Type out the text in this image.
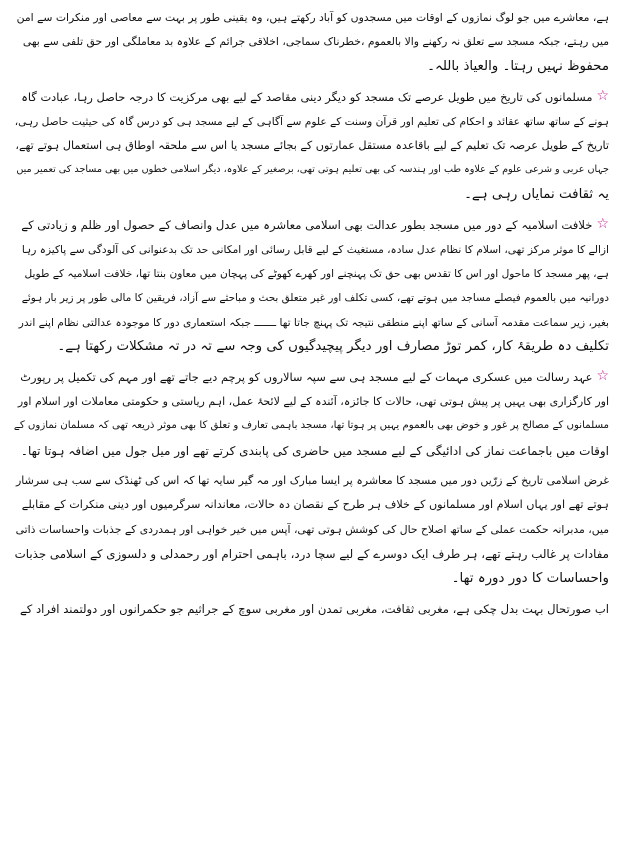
ہے، معاشرے میں جو لوگ نمازوں کے اوقات میں مسجدوں کو آباد رکھتے ہیں، وہ یقینی طور پر بہت سے معاصی اور منکرات سے امن
میں رہتے، جبکہ مسجد سے تعلق نہ رکھنے والا بالعموم ،خطرناک سماجی، اخلاقی جرائم کے علاوہ بد معاملگی اور حق تلفی سے بھی
محفوظ نہیں رہتا۔ والعیاذ باللہ۔
☆مسلمانوں کی تاریخ میں طویل عرصے تک مسجد کو دیگر دینی مقاصد کے لیے بھی مرکزیت کا درجہ حاصل رہا، عبادت گاہ
ہونے کے ساتھ ساتھ عقائد و احکام کی تعلیم اور قرآن وسنت کے علوم سے آگاہی کے لیے مسجد ہی کو درس گاہ کی حیثیت حاصل رہی،
تاریخ کے طویل عرصہ تک تعلیم کے لیے باقاعدہ مستقل عمارتوں کے بجائے مسجد یا اس سے ملحقہ اوطاق ہی استعمال ہوتے تھے،
جہاں عربی و شرعی علوم کے علاوہ طب اور ہندسہ کی بھی تعلیم ہوتی تھی، برصغیر کے علاوہ، دیگر اسلامی خطوں میں بھی مساجد کی تعمیر میں
یہ ثقافت نمایاں رہی ہے۔
☆خلافت اسلامیہ کے دور میں مسجد بطور عدالت بھی اسلامی معاشرہ میں عدل وانصاف کے حصول اور ظلم و زیادتی کے
ازالے کا موثر مرکز تھی، اسلام کا نظام عدل سادہ، مستغیث کے لیے قابل رسائی اور امکانی حد تک بدعنوانی کی آلودگی سے پاکیزہ رہا
ہے، پھر مسجد کا ماحول اور اس کا تقدس بھی حق تک پہنچنے اور کھرے کھوٹے کی پہچان میں معاون بنتا تھا، خلافت اسلامیہ کے طویل
دورانیہ میں بالعموم فیصلے مساجد میں ہوتے تھے، کسی تکلف اور غیر متعلق بحث و مباحثے سے آزاد، فریقین کا مالی طور پر زیر بار ہوئے
بغیر، زیر سماعت مقدمہ آسانی کے ساتھ اپنے منطقی نتیجہ تک پہنچ جاتا تھا ـــــــ جبکہ استعماری دور کا موجودہ عدالتی نظام اپنے اندر
تکلیف دہ طریقۂ کار، کمر توڑ مصارف اور دیگر پیچیدگیوں کی وجہ سے تہ در تہ مشکلات رکھتا ہے۔
☆عہد رسالت میں عسکری مہمات کے لیے مسجد ہی سے سپہ سالاروں کو پرچم دیے جاتے تھے اور مہم کی تکمیل پر رپورٹ
اور کارگزاری بھی یہیں پر پیش ہوتی تھی، حالات کا جائزہ، آئندہ کے لیے لائحۂ عمل، اہم ریاستی و حکومتی معاملات اور اسلام اور
مسلمانوں کے مصالح پر غور و خوض بھی بالعموم یہیں پر ہوتا تھا، مسجد باہمی تعارف و تعلق کا بھی موثر ذریعہ تھی کہ مسلمان نمازوں کے
اوقات میں باجماعت نماز کی ادائیگی کے لیے مسجد میں حاضری کی پابندی کرتے تھے اور میل جول میں اضافہ ہوتا تھا۔
غرض اسلامی تاریخ کے زرّیں دور میں مسجد کا معاشرہ پر ایسا مبارک اور مہ گیر سایہ تھا کہ اس کی ٹھنڈک سے سب ہی سرشار
ہوتے تھے اور یہاں اسلام اور مسلمانوں کے خلاف ہر طرح کے نقصان دہ حالات، معاندانہ سرگرمیوں اور دینی منکرات کے مقابلے
میں، مدبرانہ حکمت عملی کے ساتھ اصلاح حال کی کوشش ہوتی تھی، آپس میں خیر خواہی اور ہمدردی کے جذبات واحساسات ذاتی
مفادات پر غالب رہتے تھے، ہر طرف ایک دوسرے کے لیے سچا درد، باہمی احترام اور رحمدلی و دلسوزی کے اسلامی جذبات
واحساسات کا دور دورہ تھا۔
اب صورتحال بہت بدل چکی ہے، مغربی ثقافت، مغربی تمدن اور مغربی سوچ کے جراثیم جو حکمرانوں اور دولتمند افراد کے
